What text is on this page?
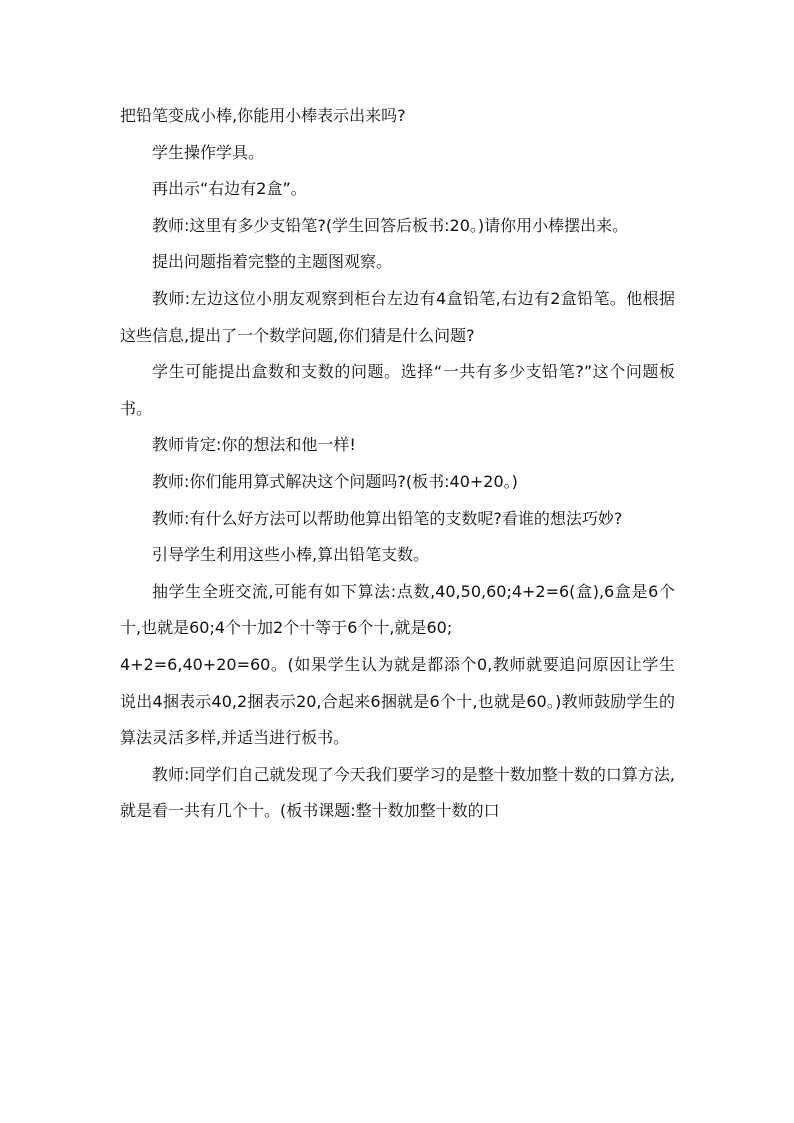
把铅笔变成小棒,你能用小棒表示出来吗?

学生操作学具。

再出示“右边有2盒”。

教师:这里有多少支铅笔?(学生回答后板书:20。)请你用小棒摆出来。

提出问题指着完整的主题图观察。

教师:左边这位小朋友观察到柜台左边有4盒铅笔,右边有2盒铅笔。他根据这些信息,提出了一个数学问题,你们猜是什么问题?

学生可能提出盒数和支数的问题。选择“一共有多少支铅笔?”这个问题板书。

教师肯定:你的想法和他一样!

教师:你们能用算式解决这个问题吗?(板书:40+20。)

教师:有什么好方法可以帮助他算出铅笔的支数呢?看谁的想法巧妙?

引导学生利用这些小棒,算出铅笔支数。

抽学生全班交流,可能有如下算法:点数,40,50,60;4+2=6(盒),6盒是6个十,也就是60;4个十加2个十等于6个十,就是60;

4+2=6,40+20=60。(如果学生认为就是都添个0,教师就要追问原因让学生说出4捆表示40,2捆表示20,合起来6捆就是6个十,也就是60。)教师鼓励学生的算法灵活多样,并适当进行板书。

教师:同学们自己就发现了今天我们要学习的是整十数加整十数的口算方法,就是看一共有几个十。(板书课题:整十数加整十数的口
